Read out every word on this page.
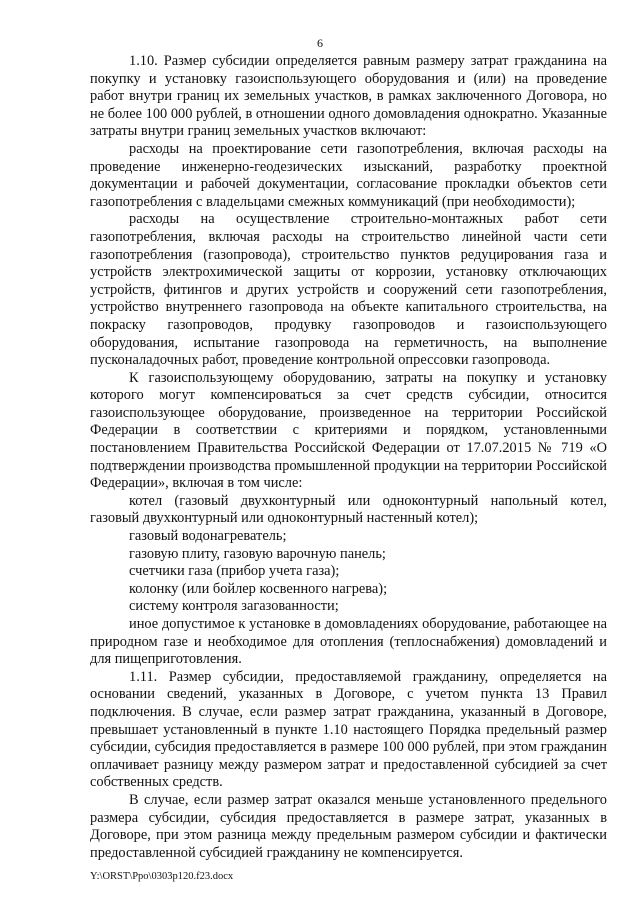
6

1.10. Размер субсидии определяется равным размеру затрат гражданина на покупку и установку газоиспользующего оборудования и (или) на проведение работ внутри границ их земельных участков, в рамках заключенного Договора, но не более 100 000 рублей, в отношении одного домовладения однократно. Указанные затраты внутри границ земельных участков включают:

расходы на проектирование сети газопотребления, включая расходы на проведение инженерно-геодезических изысканий, разработку проектной документации и рабочей документации, согласование прокладки объектов сети газопотребления с владельцами смежных коммуникаций (при необходимости);

расходы на осуществление строительно-монтажных работ сети газопотребления, включая расходы на строительство линейной части сети газопотребления (газопровода), строительство пунктов редуцирования газа и устройств электрохимической защиты от коррозии, установку отключающих устройств, фитингов и других устройств и сооружений сети газопотребления, устройство внутреннего газопровода на объекте капитального строительства, на покраску газопроводов, продувку газопроводов и газоиспользующего оборудования, испытание газопровода на герметичность, на выполнение пусконаладочных работ, проведение контрольной опрессовки газопровода.

К газоиспользующему оборудованию, затраты на покупку и установку которого могут компенсироваться за счет средств субсидии, относится газоиспользующее оборудование, произведенное на территории Российской Федерации в соответствии с критериями и порядком, установленными постановлением Правительства Российской Федерации от 17.07.2015 № 719 «О подтверждении производства промышленной продукции на территории Российской Федерации», включая в том числе:

котел (газовый двухконтурный или одноконтурный напольный котел, газовый двухконтурный или одноконтурный настенный котел);

газовый водонагреватель;

газовую плиту, газовую варочную панель;

счетчики газа (прибор учета газа);

колонку (или бойлер косвенного нагрева);

систему контроля загазованности;

иное допустимое к установке в домовладениях оборудование, работающее на природном газе и необходимое для отопления (теплоснабжения) домовладений и для пищеприготовления.

1.11. Размер субсидии, предоставляемой гражданину, определяется на основании сведений, указанных в Договоре, с учетом пункта 13 Правил подключения. В случае, если размер затрат гражданина, указанный в Договоре, превышает установленный в пункте 1.10 настоящего Порядка предельный размер субсидии, субсидия предоставляется в размере 100 000 рублей, при этом гражданин оплачивает разницу между размером затрат и предоставленной субсидией за счет собственных средств.

В случае, если размер затрат оказался меньше установленного предельного размера субсидии, субсидия предоставляется в размере затрат, указанных в Договоре, при этом разница между предельным размером субсидии и фактически предоставленной субсидией гражданину не компенсируется.

Y:\ORST\Ppo\0303p120.f23.docx
